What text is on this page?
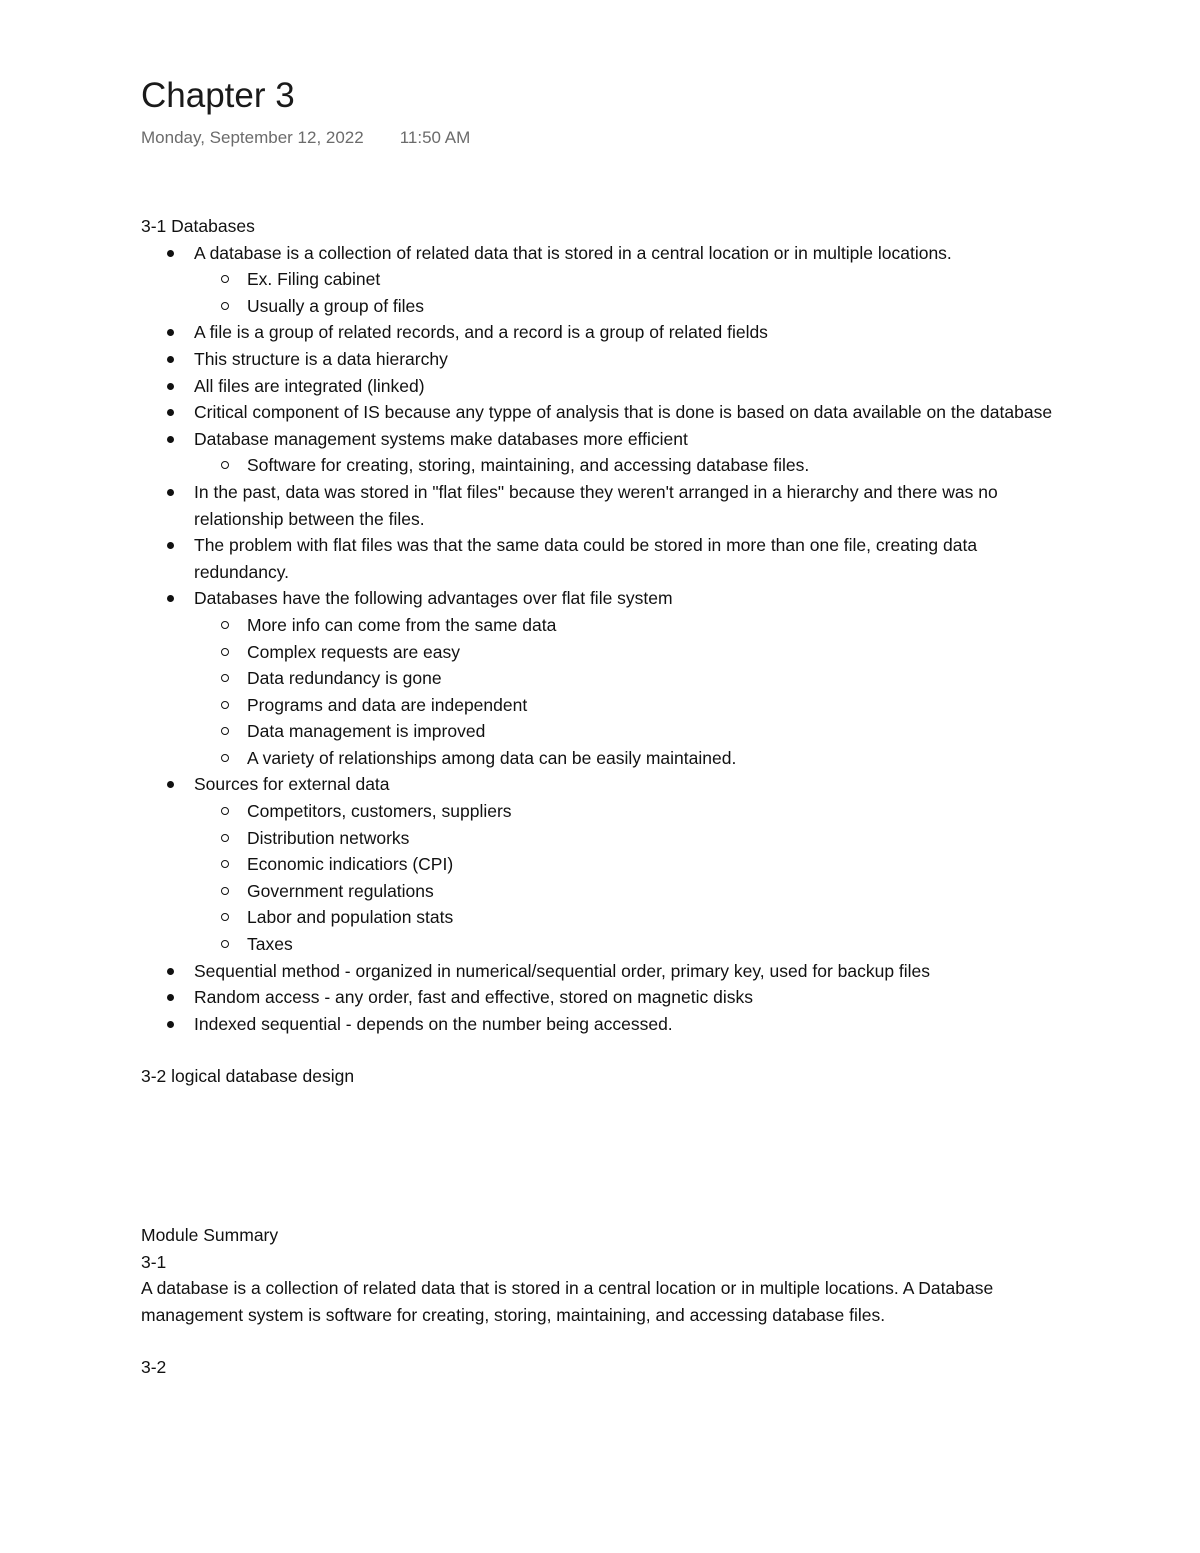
Chapter 3
Monday, September 12, 2022 11:50 AM

3-1 Databases

A database is a collection of related data that is stored in a central location or in multiple locations.
Ex. Filing cabinet
Usually a group of files
A file is a group of related records, and a record is a group of related fields
This structure is a data hierarchy
All files are integrated (linked)
Critical component of IS because any typpe of analysis that is done is based on data available on the database
Database management systems make databases more efficient
Software for creating, storing, maintaining, and accessing database files.
In the past, data was stored in "flat files" because they weren't arranged in a hierarchy and there was no relationship between the files.
The problem with flat files was that the same data could be stored in more than one file, creating data redundancy.
Databases have the following advantages over flat file system
More info can come from the same data
Complex requests are easy
Data redundancy is gone
Programs and data are independent
Data management is improved
A variety of relationships among data can be easily maintained.
Sources for external data
Competitors, customers, suppliers
Distribution networks
Economic indicatiors (CPI)
Government regulations
Labor and population stats
Taxes
Sequential method - organized in numerical/sequential order, primary key, used for backup files
Random access - any order, fast and effective, stored on magnetic disks
Indexed sequential - depends on the number being accessed.

3-2 logical database design

Module Summary

3-1

A database is a collection of related data that is stored in a central location or in multiple locations. A Database management system is software for creating, storing, maintaining, and accessing database files.

3-2
